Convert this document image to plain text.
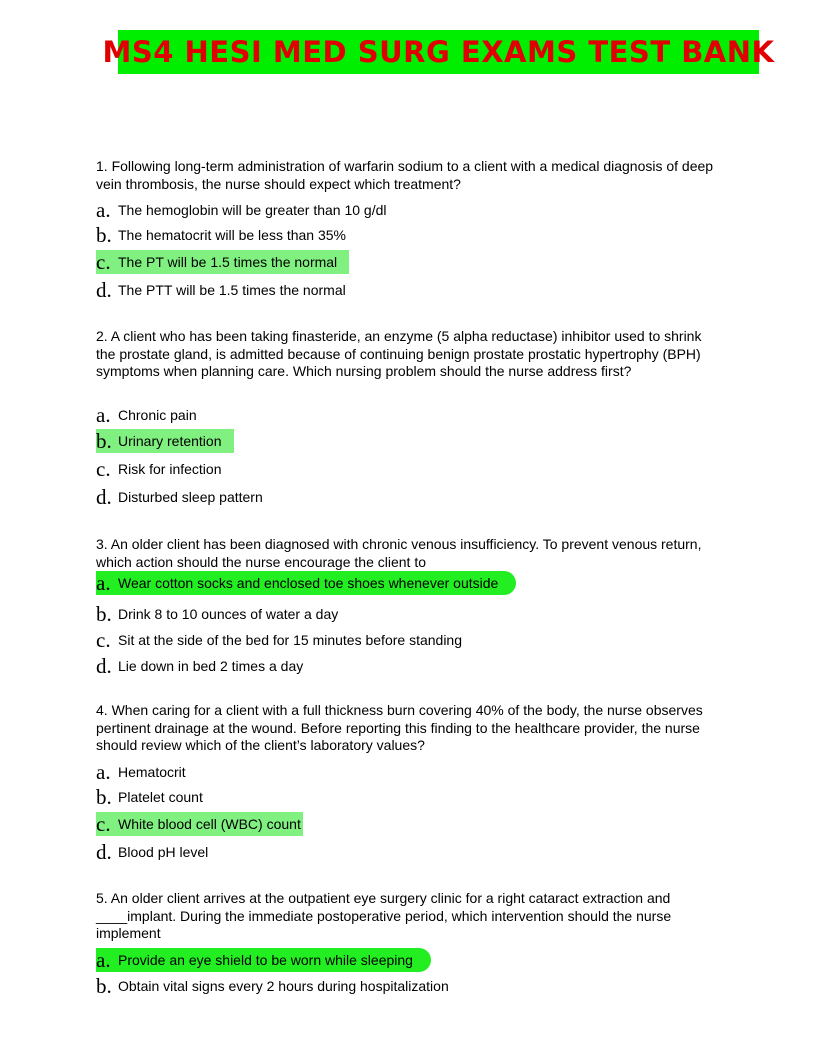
MS4 HESI MED SURG EXAMS TEST BANK
1. Following long-term administration of warfarin sodium to a client with a medical diagnosis of deep vein thrombosis, the nurse should expect which treatment?
a. The hemoglobin will be greater than 10 g/dl
b. The hematocrit will be less than 35%
c. The PT will be 1.5 times the normal
d. The PTT will be 1.5 times the normal
2. A client who has been taking finasteride, an enzyme (5 alpha reductase) inhibitor used to shrink the prostate gland, is admitted because of continuing benign prostate prostatic hypertrophy (BPH) symptoms when planning care. Which nursing problem should the nurse address first?
a. Chronic pain
b. Urinary retention
c. Risk for infection
d. Disturbed sleep pattern
3. An older client has been diagnosed with chronic venous insufficiency. To prevent venous return, which action should the nurse encourage the client to
a. Wear cotton socks and enclosed toe shoes whenever outside
b. Drink 8 to 10 ounces of water a day
c. Sit at the side of the bed for 15 minutes before standing
d. Lie down in bed 2 times a day
4. When caring for a client with a full thickness burn covering 40% of the body, the nurse observes pertinent drainage at the wound. Before reporting this finding to the healthcare provider, the nurse should review which of the client’s laboratory values?
a. Hematocrit
b. Platelet count
c. White blood cell (WBC) count
d. Blood pH level
5. An older client arrives at the outpatient eye surgery clinic for a right cataract extraction and ____implant. During the immediate postoperative period, which intervention should the nurse implement
a. Provide an eye shield to be worn while sleeping
b. Obtain vital signs every 2 hours during hospitalization
